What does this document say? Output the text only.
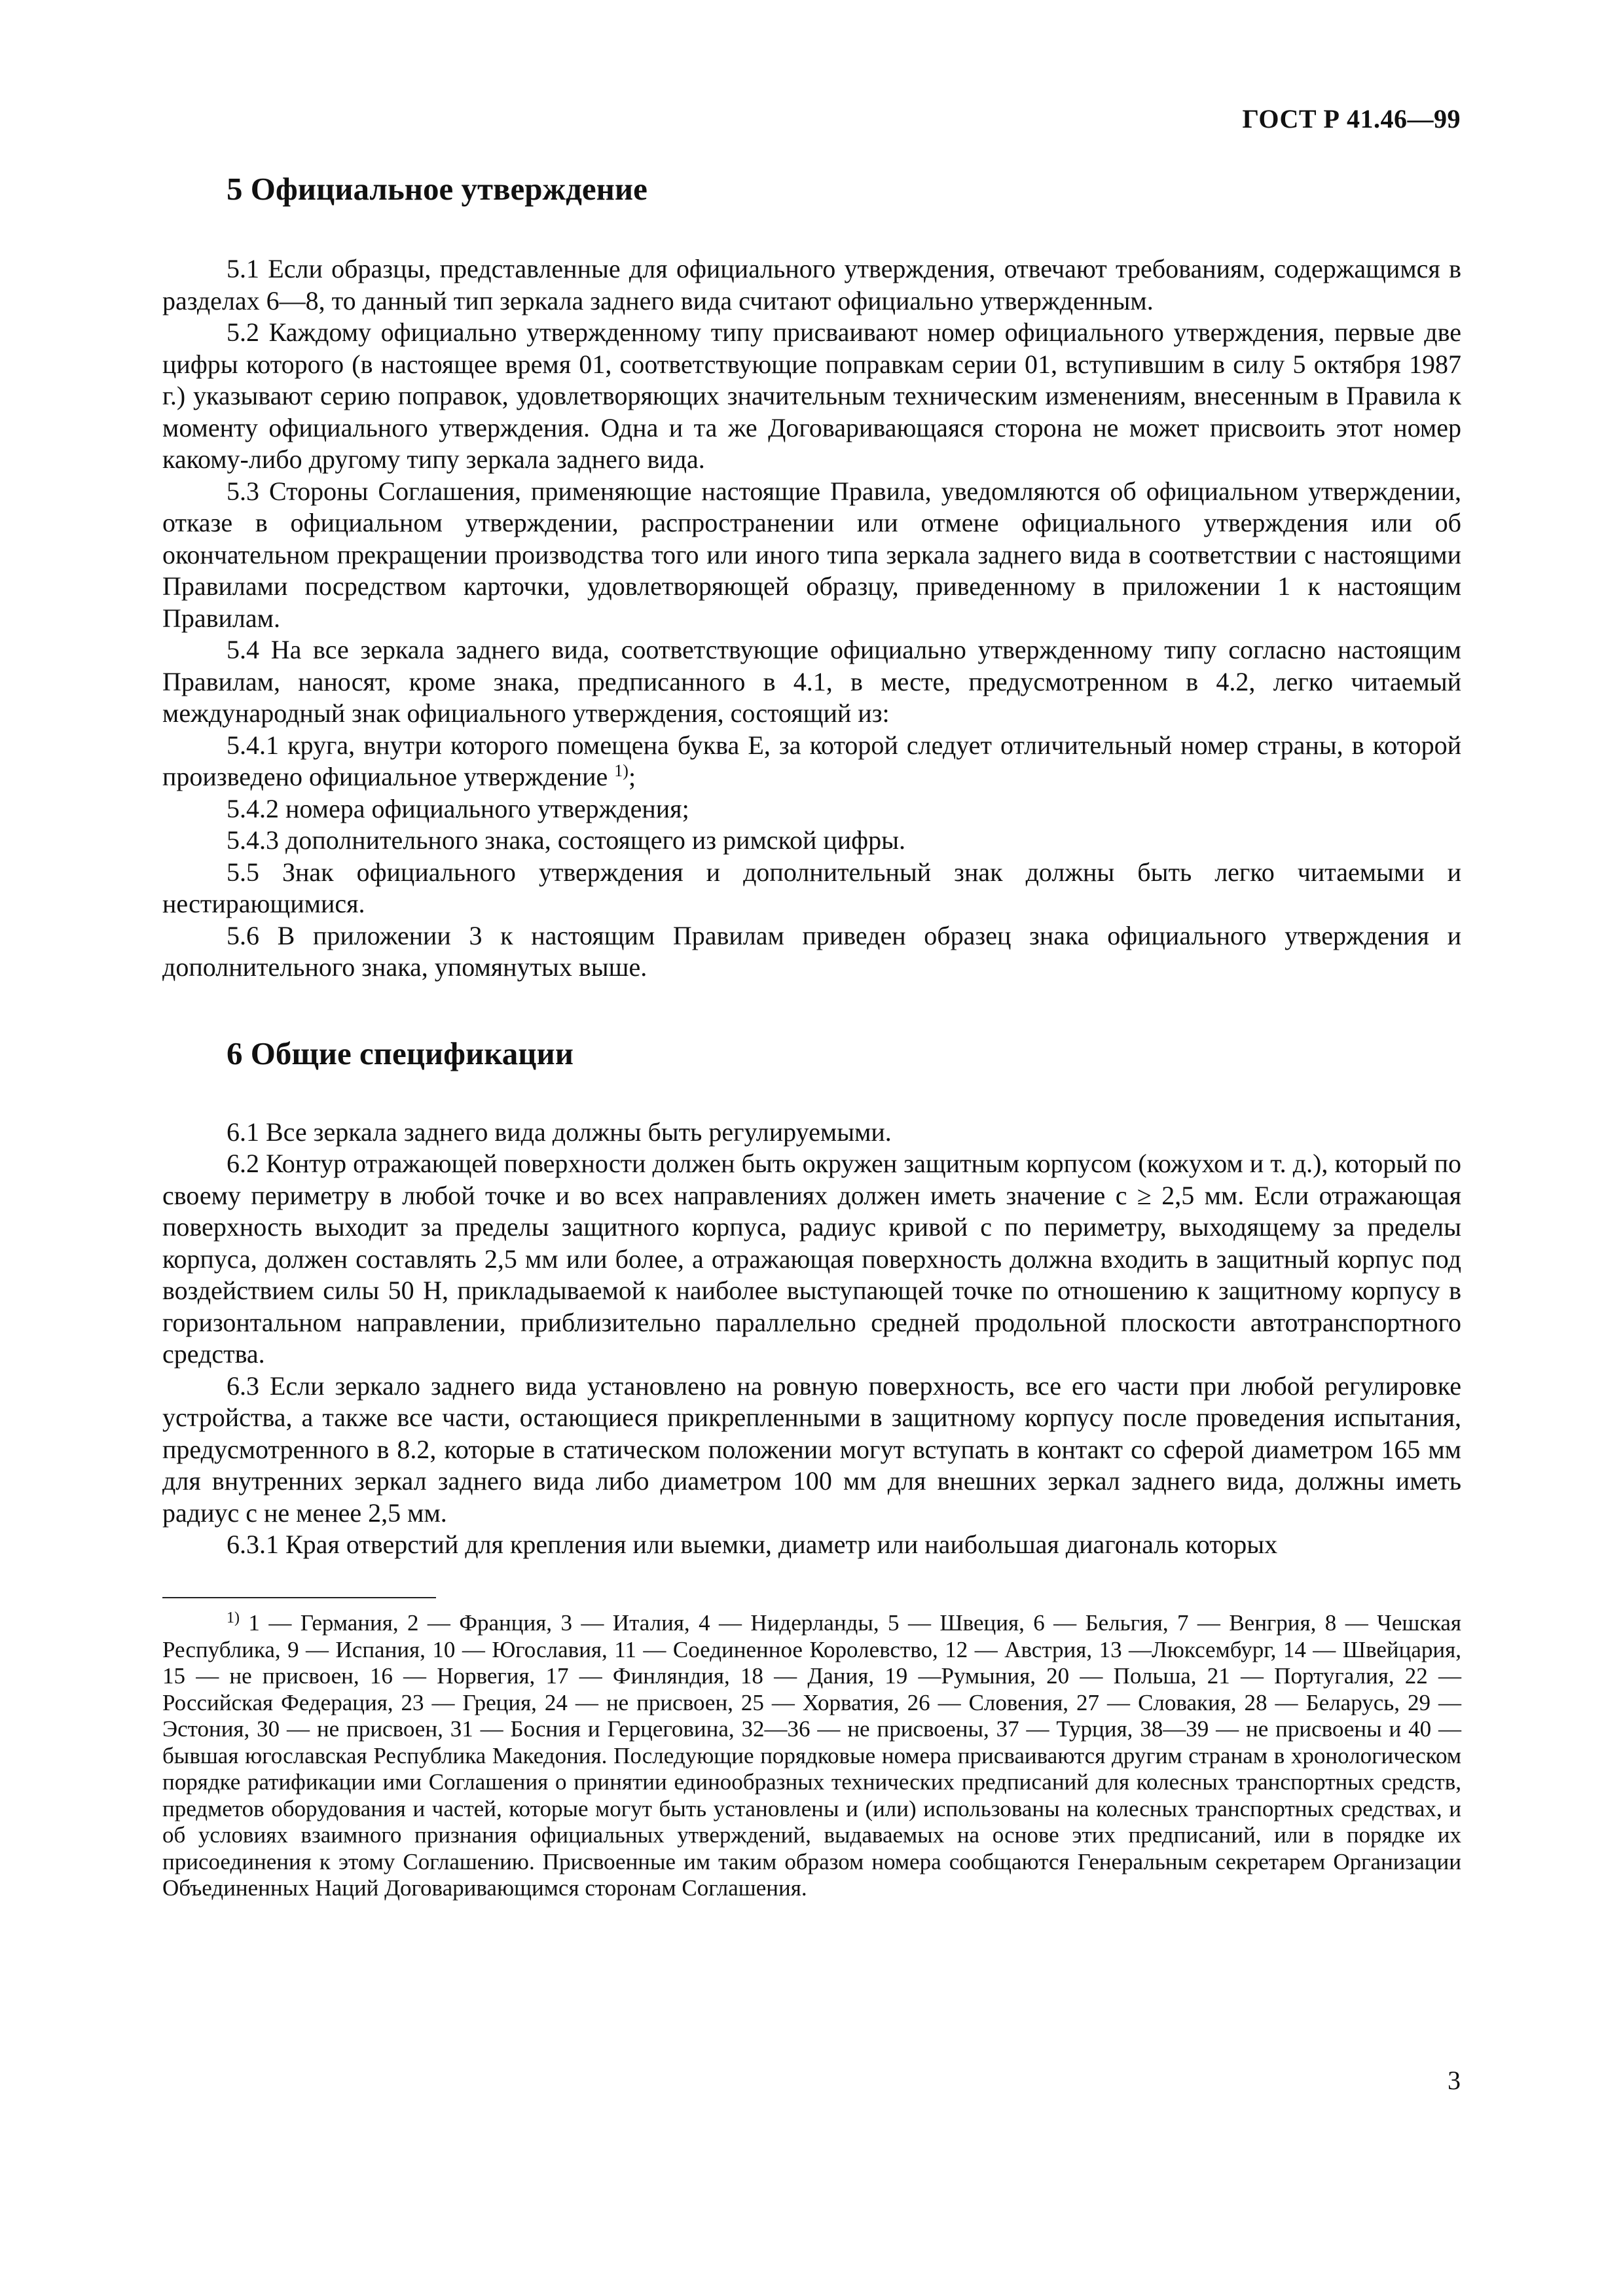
ГОСТ Р 41.46—99
5 Официальное утверждение

5.1 Если образцы, представленные для официального утверждения, отвечают требованиям, содержащимся в разделах 6—8, то данный тип зеркала заднего вида считают официально утвержденным.

5.2 Каждому официально утвержденному типу присваивают номер официального утверждения, первые две цифры которого (в настоящее время 01, соответствующие поправкам серии 01, вступившим в силу 5 октября 1987 г.) указывают серию поправок, удовлетворяющих значительным техническим изменениям, внесенным в Правила к моменту официального утверждения. Одна и та же Договаривающаяся сторона не может присвоить этот номер какому-либо другому типу зеркала заднего вида.

5.3 Стороны Соглашения, применяющие настоящие Правила, уведомляются об официальном утверждении, отказе в официальном утверждении, распространении или отмене официального утверждения или об окончательном прекращении производства того или иного типа зеркала заднего вида в соответствии с настоящими Правилами посредством карточки, удовлетворяющей образцу, приведенному в приложении 1 к настоящим Правилам.

5.4 На все зеркала заднего вида, соответствующие официально утвержденному типу согласно настоящим Правилам, наносят, кроме знака, предписанного в 4.1, в месте, предусмотренном в 4.2, легко читаемый международный знак официального утверждения, состоящий из:

5.4.1 круга, внутри которого помещена буква E, за которой следует отличительный номер страны, в которой произведено официальное утверждение $^{1)}$;

5.4.2 номера официального утверждения;

5.4.3 дополнительного знака, состоящего из римской цифры.

5.5 Знак официального утверждения и дополнительный знак должны быть легко читаемыми и нестирающимися.

5.6 В приложении 3 к настоящим Правилам приведен образец знака официального утверждения и дополнительного знака, упомянутых выше.

6 Общие спецификации

6.1 Все зеркала заднего вида должны быть регулируемыми.

6.2 Контур отражающей поверхности должен быть окружен защитным корпусом (кожухом и т. д.), который по своему периметру в любой точке и во всех направлениях должен иметь значение c ≥ 2,5 мм. Если отражающая поверхность выходит за пределы защитного корпуса, радиус кривой c по периметру, выходящему за пределы корпуса, должен составлять 2,5 мм или более, а отражающая поверхность должна входить в защитный корпус под воздействием силы 50 Н, прикладываемой к наиболее выступающей точке по отношению к защитному корпусу в горизонтальном направлении, приблизительно параллельно средней продольной плоскости автотранспортного средства.

6.3 Если зеркало заднего вида установлено на ровную поверхность, все его части при любой регулировке устройства, а также все части, остающиеся прикрепленными в защитному корпусу после проведения испытания, предусмотренного в 8.2, которые в статическом положении могут вступать в контакт со сферой диаметром 165 мм для внутренних зеркал заднего вида либо диаметром 100 мм для внешних зеркал заднего вида, должны иметь радиус c не менее 2,5 мм.

6.3.1 Края отверстий для крепления или выемки, диаметр или наибольшая диагональ которых

$^{1)}$ 1 — Германия, 2 — Франция, 3 — Италия, 4 — Нидерланды, 5 — Швеция, 6 — Бельгия, 7 — Венгрия, 8 — Чешская Республика, 9 — Испания, 10 — Югославия, 11 — Соединенное Королевство, 12 — Австрия, 13 —Люксембург, 14 — Швейцария, 15 — не присвоен, 16 — Норвегия, 17 — Финляндия, 18 — Дания, 19 —Румыния, 20 — Польша, 21 — Португалия, 22 — Российская Федерация, 23 — Греция, 24 — не присвоен, 25 — Хорватия, 26 — Словения, 27 — Словакия, 28 — Беларусь, 29 — Эстония, 30 — не присвоен, 31 — Босния и Герцеговина, 32—36 — не присвоены, 37 — Турция, 38—39 — не присвоены и 40 — бывшая югославская Республика Македония. Последующие порядковые номера присваиваются другим странам в хронологическом порядке ратификации ими Соглашения о принятии единообразных технических предписаний для колесных транспортных средств, предметов оборудования и частей, которые могут быть установлены и (или) использованы на колесных транспортных средствах, и об условиях взаимного признания официальных утверждений, выдаваемых на основе этих предписаний, или в порядке их присоединения к этому Соглашению. Присвоенные им таким образом номера сообщаются Генеральным секретарем Организации Объединенных Наций Договаривающимся сторонам Соглашения.

3
